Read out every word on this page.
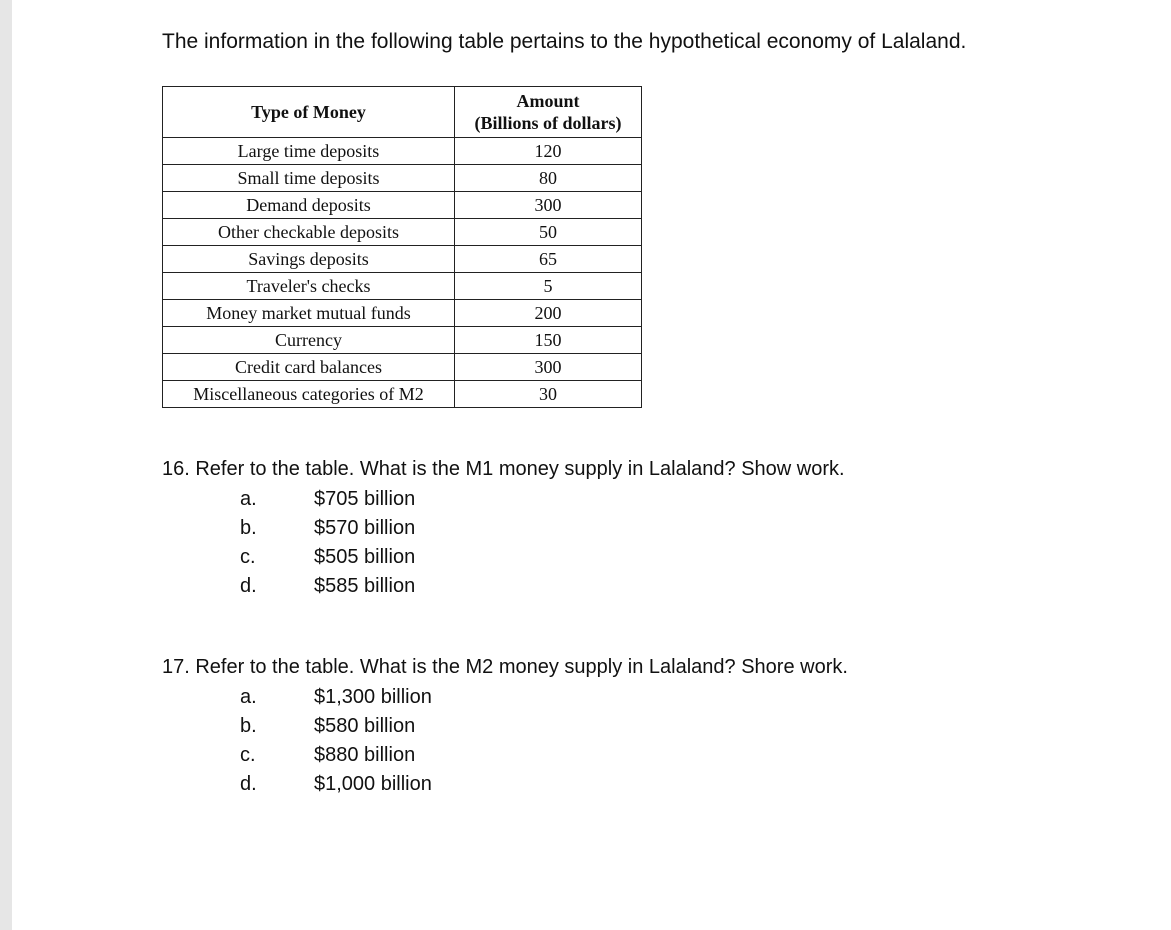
The information in the following table pertains to the hypothetical economy of Lalaland.
Type of Money	Amount
(Billions of dollars)

Large time deposits	120
Small time deposits	80
Demand deposits	300
Other checkable deposits	50
Savings deposits	65
Traveler's checks	5
Money market mutual funds	200
Currency	150
Credit card balances	300
Miscellaneous categories of M2	30
16. Refer to the table. What is the M1 money supply in Lalaland? Show work.
a.	$705 billion
b.	$570 billion
c.	$505 billion
d.	$585 billion
17. Refer to the table. What is the M2 money supply in Lalaland? Shore work.
a.	$1,300 billion
b.	$580 billion
c.	$880 billion
d.	$1,000 billion
